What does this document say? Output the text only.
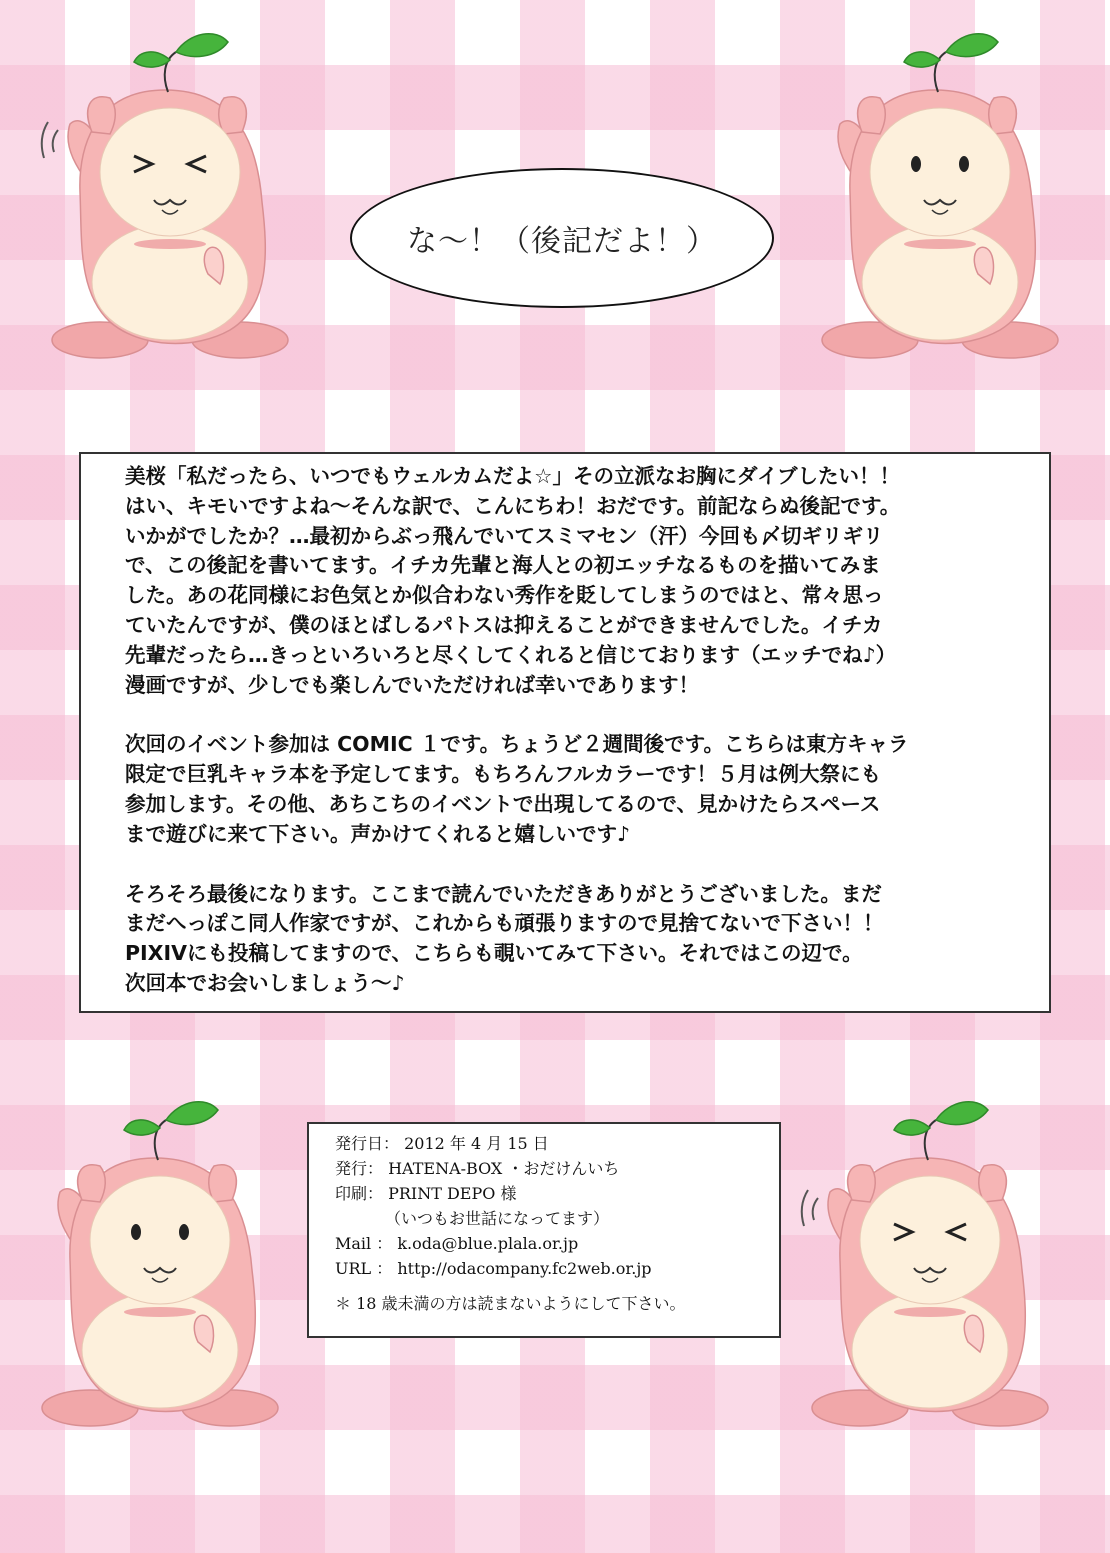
な～！（後記だよ！）

美桜「私だったら、いつでもウェルカムだよ☆」その立派なお胸にダイブしたい！！

はい、キモいですよね～そんな訳で、こんにちわ！おだです。前記ならぬ後記です。

いかがでしたか？…最初からぶっ飛んでいてスミマセン（汗）今回も〆切ギリギリ

で、この後記を書いてます。イチカ先輩と海人との初エッチなるものを描いてみま

した。あの花同様にお色気とか似合わない秀作を貶してしまうのではと、常々思っ

ていたんですが、僕のほとばしるパトスは抑えることができませんでした。イチカ

先輩だったら…きっといろいろと尽くしてくれると信じております（エッチでね♪）

漫画ですが、少しでも楽しんでいただければ幸いであります！

次回のイベント参加は COMIC １です。ちょうど２週間後です。こちらは東方キャラ

限定で巨乳キャラ本を予定してます。もちろんフルカラーです！５月は例大祭にも

参加します。その他、あちこちのイベントで出現してるので、見かけたらスペース

まで遊びに来て下さい。声かけてくれると嬉しいです♪

そろそろ最後になります。ここまで読んでいただきありがとうございました。まだ

まだへっぽこ同人作家ですが、これからも頑張りますので見捨てないで下さい！！

PIXIVにも投稿してますので、こちらも覗いてみて下さい。それではこの辺で。

次回本でお会いしましょう～♪

発行日： 2012 年 4 月 15 日
発行： HATENA-BOX ・おだけんいち
印刷： PRINT DEPO 様
（いつもお世話になってます）
Mail ： k.oda@blue.plala.or.jp
URL ： http://odacompany.fc2web.or.jp
＊ 18 歳未満の方は読まないようにして下さい。
